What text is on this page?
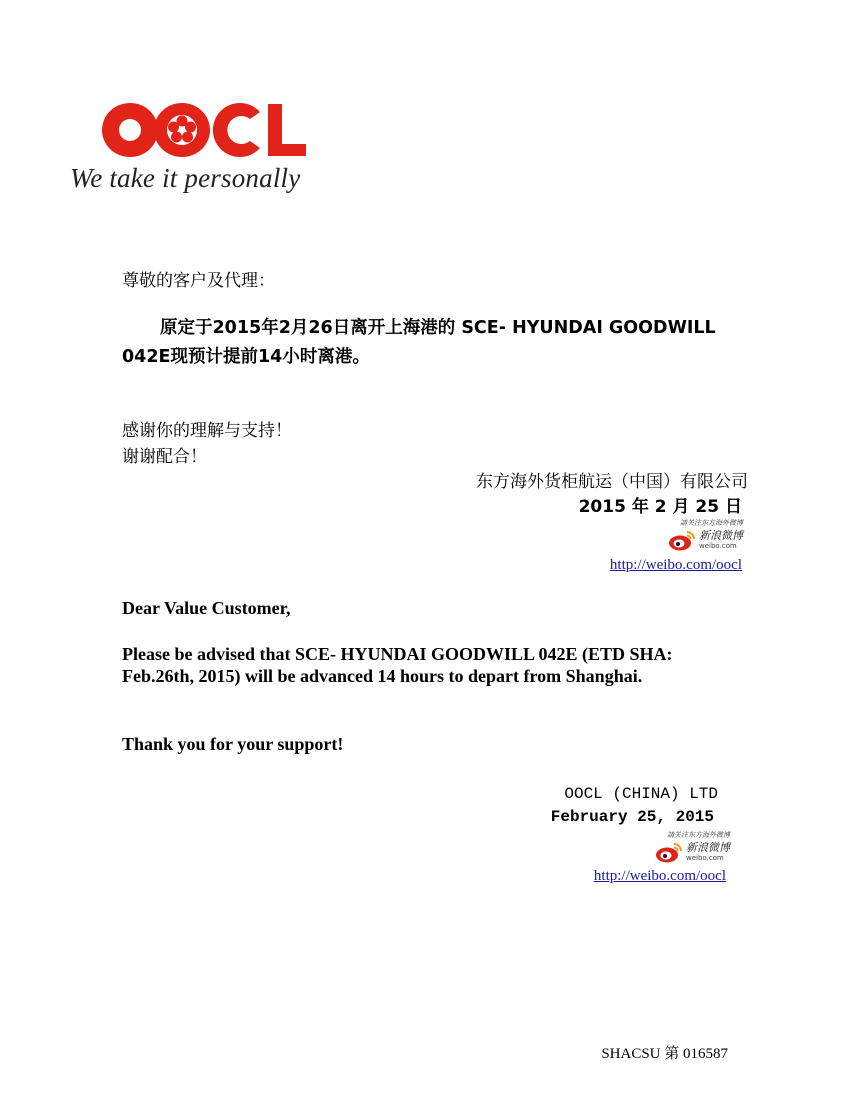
We take it personally
尊敬的客户及代理：
原定于2015年2月26日离开上海港的 SCE- HYUNDAI GOODWILL
042E现预计提前14小时离港。
感谢你的理解与支持！
谢谢配合！
东方海外货柜航运（中国）有限公司
2015 年 2 月 25 日
請关注东方海外微博
新浪微博
weibo.com
http://weibo.com/oocl
Dear Value Customer,
Please be advised that SCE- HYUNDAI GOODWILL 042E (ETD SHA:
Feb.26th, 2015) will be advanced 14 hours to depart from Shanghai.
Thank you for your support!
OOCL (CHINA) LTD
February 25, 2015
請关注东方海外微博
新浪微博
weibo.com
http://weibo.com/oocl
SHACSU 第 016587
